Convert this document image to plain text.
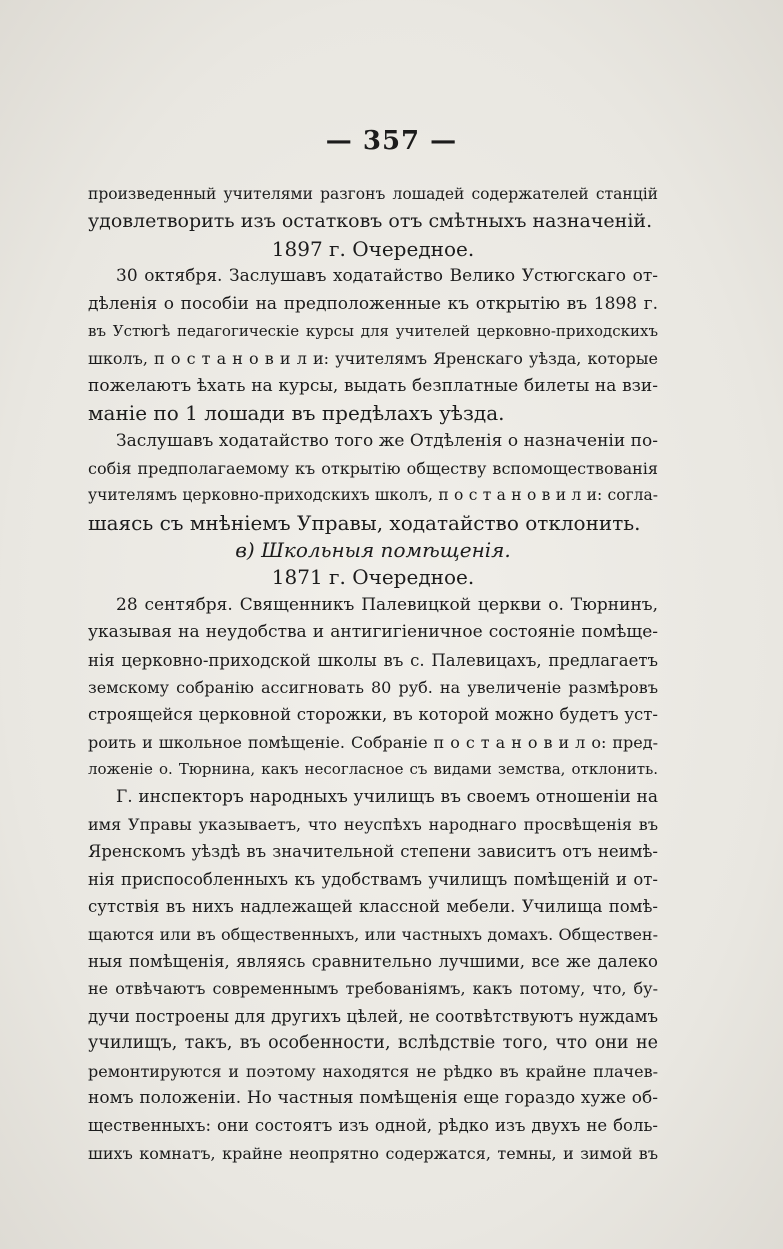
— 357 —
произведенный учителями разгонъ лошадей содержателей станцiй
удовлетворить изъ остатковъ отъ смѣтныхъ назначенiй.
1897 г. Очередное.
30 октября. Заслушавъ ходатайство Велико Устюгскаго от-
дѣленiя о пособiи на предположенные къ открытiю въ 1898 г.
въ Устюгѣ педагогическiе курсы для учителей церковно-приходскихъ
школъ, п о с т а н о в и л и: учителямъ Яренскаго уѣзда, которые
пожелаютъ ѣхать на курсы, выдать безплатные билеты на взи-
манiе по 1 лошади въ предѣлахъ уѣзда.
Заслушавъ ходатайство того же Отдѣленiя о назначенiи по-
собiя предполагаемому къ открытiю обществу вспомоществованiя
учителямъ церковно-приходскихъ школъ, п о с т а н о в и л и: согла-
шаясь съ мнѣнiемъ Управы, ходатайство отклонить.
в) Школьныя помѣщенiя.
1871 г. Очередное.
28 сентября. Священникъ Палевицкой церкви о. Тюрнинъ,
указывая на неудобства и антигигiеничное состоянiе помѣще-
нiя церковно-приходской школы въ с. Палевицахъ, предлагаетъ
земскому собранiю ассигновать 80 руб. на увеличенiе размѣровъ
строящейся церковной сторожки, въ которой можно будетъ уст-
роить и школьное помѣщенiе. Собранiе п о с т а н о в и л о: пред-
ложенiе о. Тюрнина, какъ несогласное съ видами земства, отклонить.
Г. инспекторъ народныхъ училищъ въ своемъ отношенiи на
имя Управы указываетъ, что неуспѣхъ народнаго просвѣщенiя въ
Яренскомъ уѣздѣ въ значительной степени зависитъ отъ неимѣ-
нiя приспособленныхъ къ удобствамъ училищъ помѣщенiй и от-
сутствiя въ нихъ надлежащей классной мебели. Училища помѣ-
щаются или въ общественныхъ, или частныхъ домахъ. Обществен-
ныя помѣщенiя, являясь сравнительно лучшими, все же далеко
не отвѣчаютъ современнымъ требованiямъ, какъ потому, что, бу-
дучи построены для другихъ цѣлей, не соотвѣтствуютъ нуждамъ
училищъ, такъ, въ особенности, вслѣдствiе того, что они не
ремонтируются и поэтому находятся не рѣдко въ крайне плачев-
номъ положенiи. Но частныя помѣщенiя еще гораздо хуже об-
щественныхъ: они состоятъ изъ одной, рѣдко изъ двухъ не боль-
шихъ комнатъ, крайне неопрятно содержатся, темны, и зимой въ
